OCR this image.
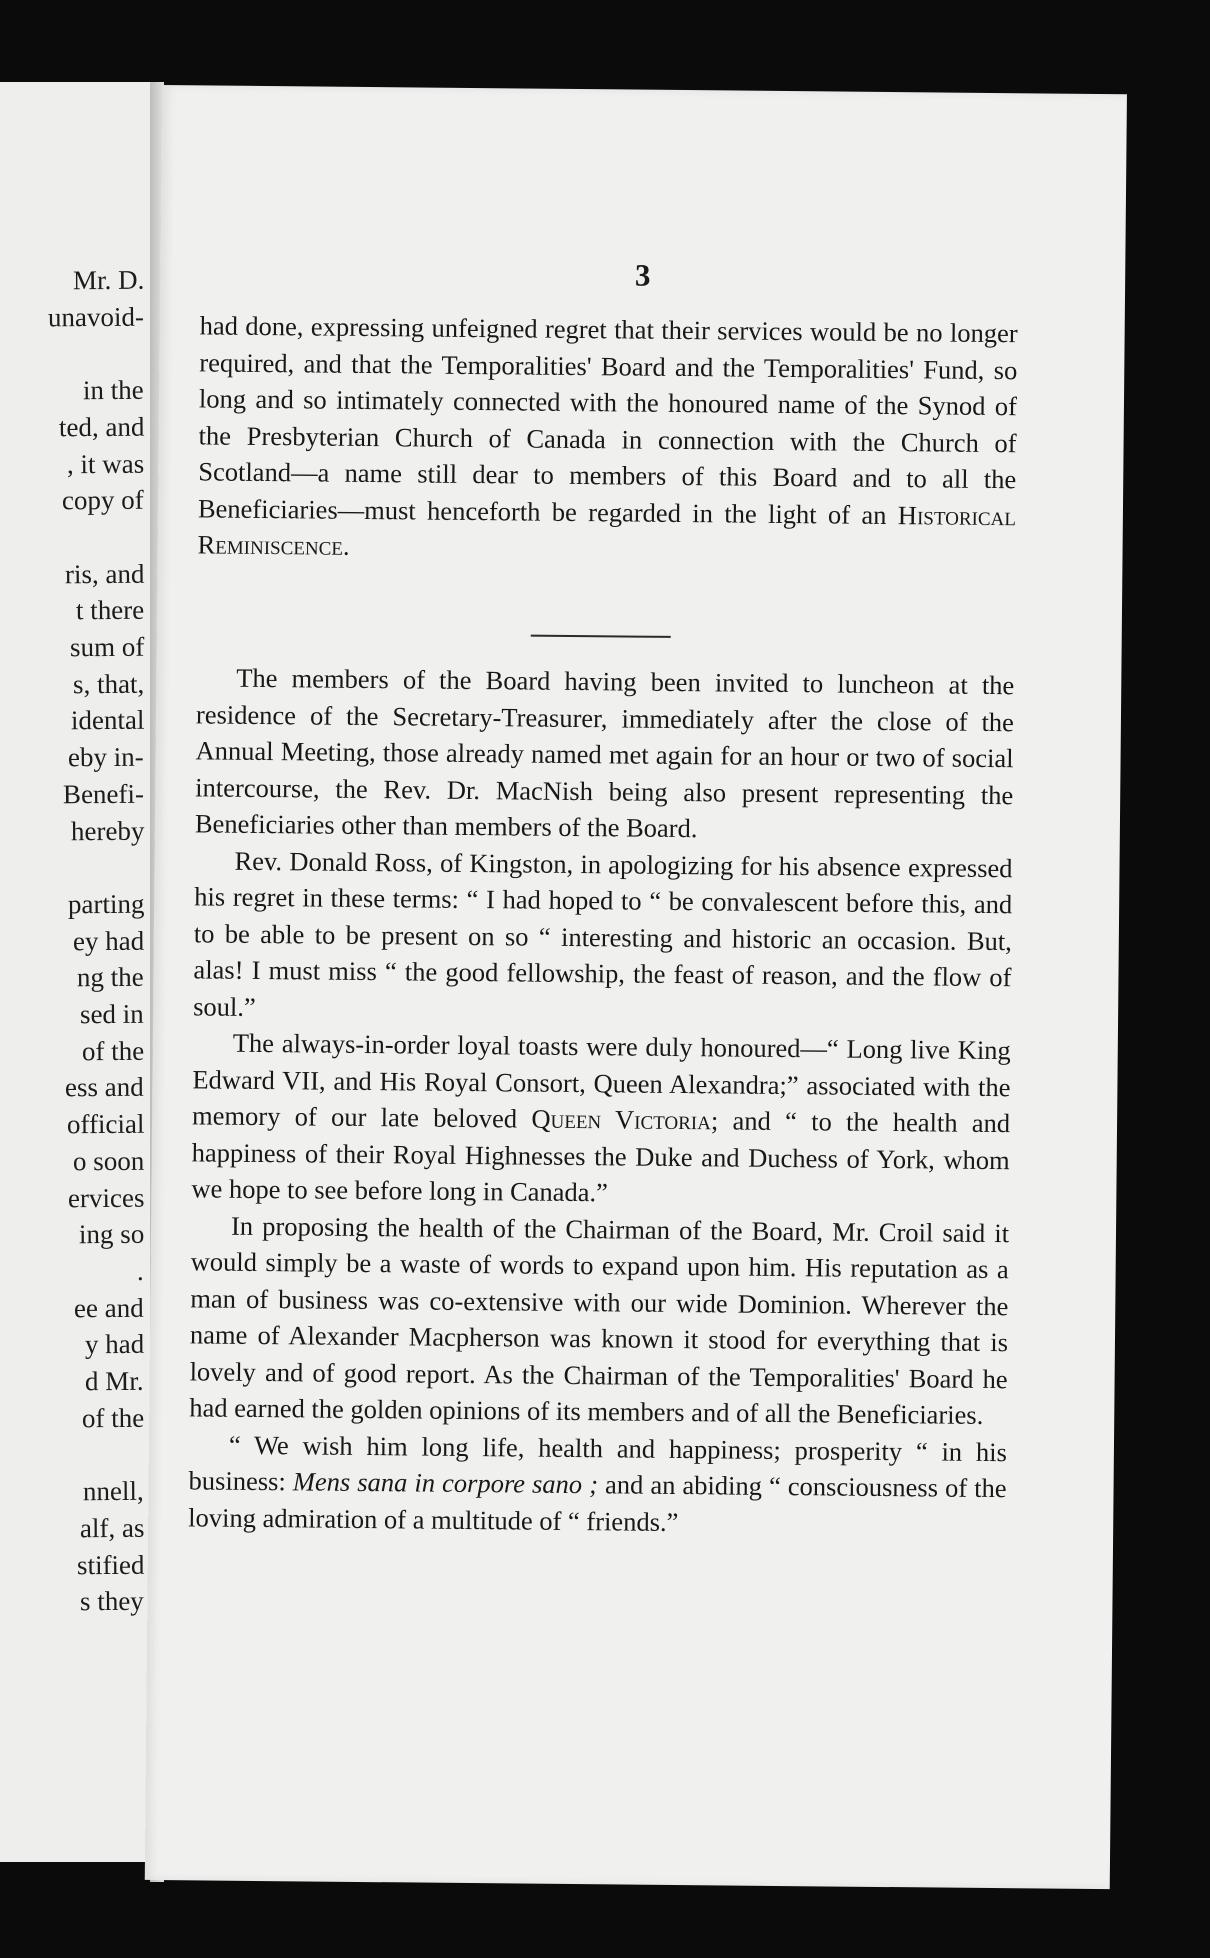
Mr. D.
unavoid-
in the
ted, and
, it was
copy of
ris, and
t there
sum of
s, that,
idental
eby in-
Benefi-
hereby
parting
ey had
ng the
sed in
of the
ess and
official
o soon
ervices
ing so
.
ee and
y had
d Mr.
of the
nnell,
alf, as
stified
s they
3

had done, expressing unfeigned regret that their services would be no longer required, and that the Temporalities' Board and the Temporalities' Fund, so long and so intimately connected with the honoured name of the Synod of the Presbyterian Church of Canada in connection with the Church of Scotland—a name still dear to members of this Board and to all the Beneficiaries—must henceforth be regarded in the light of an Historical Reminiscence.

The members of the Board having been invited to luncheon at the residence of the Secretary-Treasurer, immediately after the close of the Annual Meeting, those already named met again for an hour or two of social intercourse, the Rev. Dr. MacNish being also present representing the Beneficiaries other than members of the Board.

Rev. Donald Ross, of Kingston, in apologizing for his absence expressed his regret in these terms: “ I had hoped to “ be convalescent before this, and to be able to be present on so “ interesting and historic an occasion. But, alas! I must miss “ the good fellowship, the feast of reason, and the flow of soul.”

The always-in-order loyal toasts were duly honoured—“ Long live King Edward VII, and His Royal Consort, Queen Alexandra;” associated with the memory of our late beloved Queen Victoria; and “ to the health and happiness of their Royal Highnesses the Duke and Duchess of York, whom we hope to see before long in Canada.”

In proposing the health of the Chairman of the Board, Mr. Croil said it would simply be a waste of words to expand upon him. His reputation as a man of business was co-extensive with our wide Dominion. Wherever the name of Alexander Macpherson was known it stood for everything that is lovely and of good report. As the Chairman of the Temporalities' Board he had earned the golden opinions of its members and of all the Beneficiaries.

“ We wish him long life, health and happiness; prosperity “ in his business: Mens sana in corpore sano ; and an abiding “ consciousness of the loving admiration of a multitude of “ friends.”
